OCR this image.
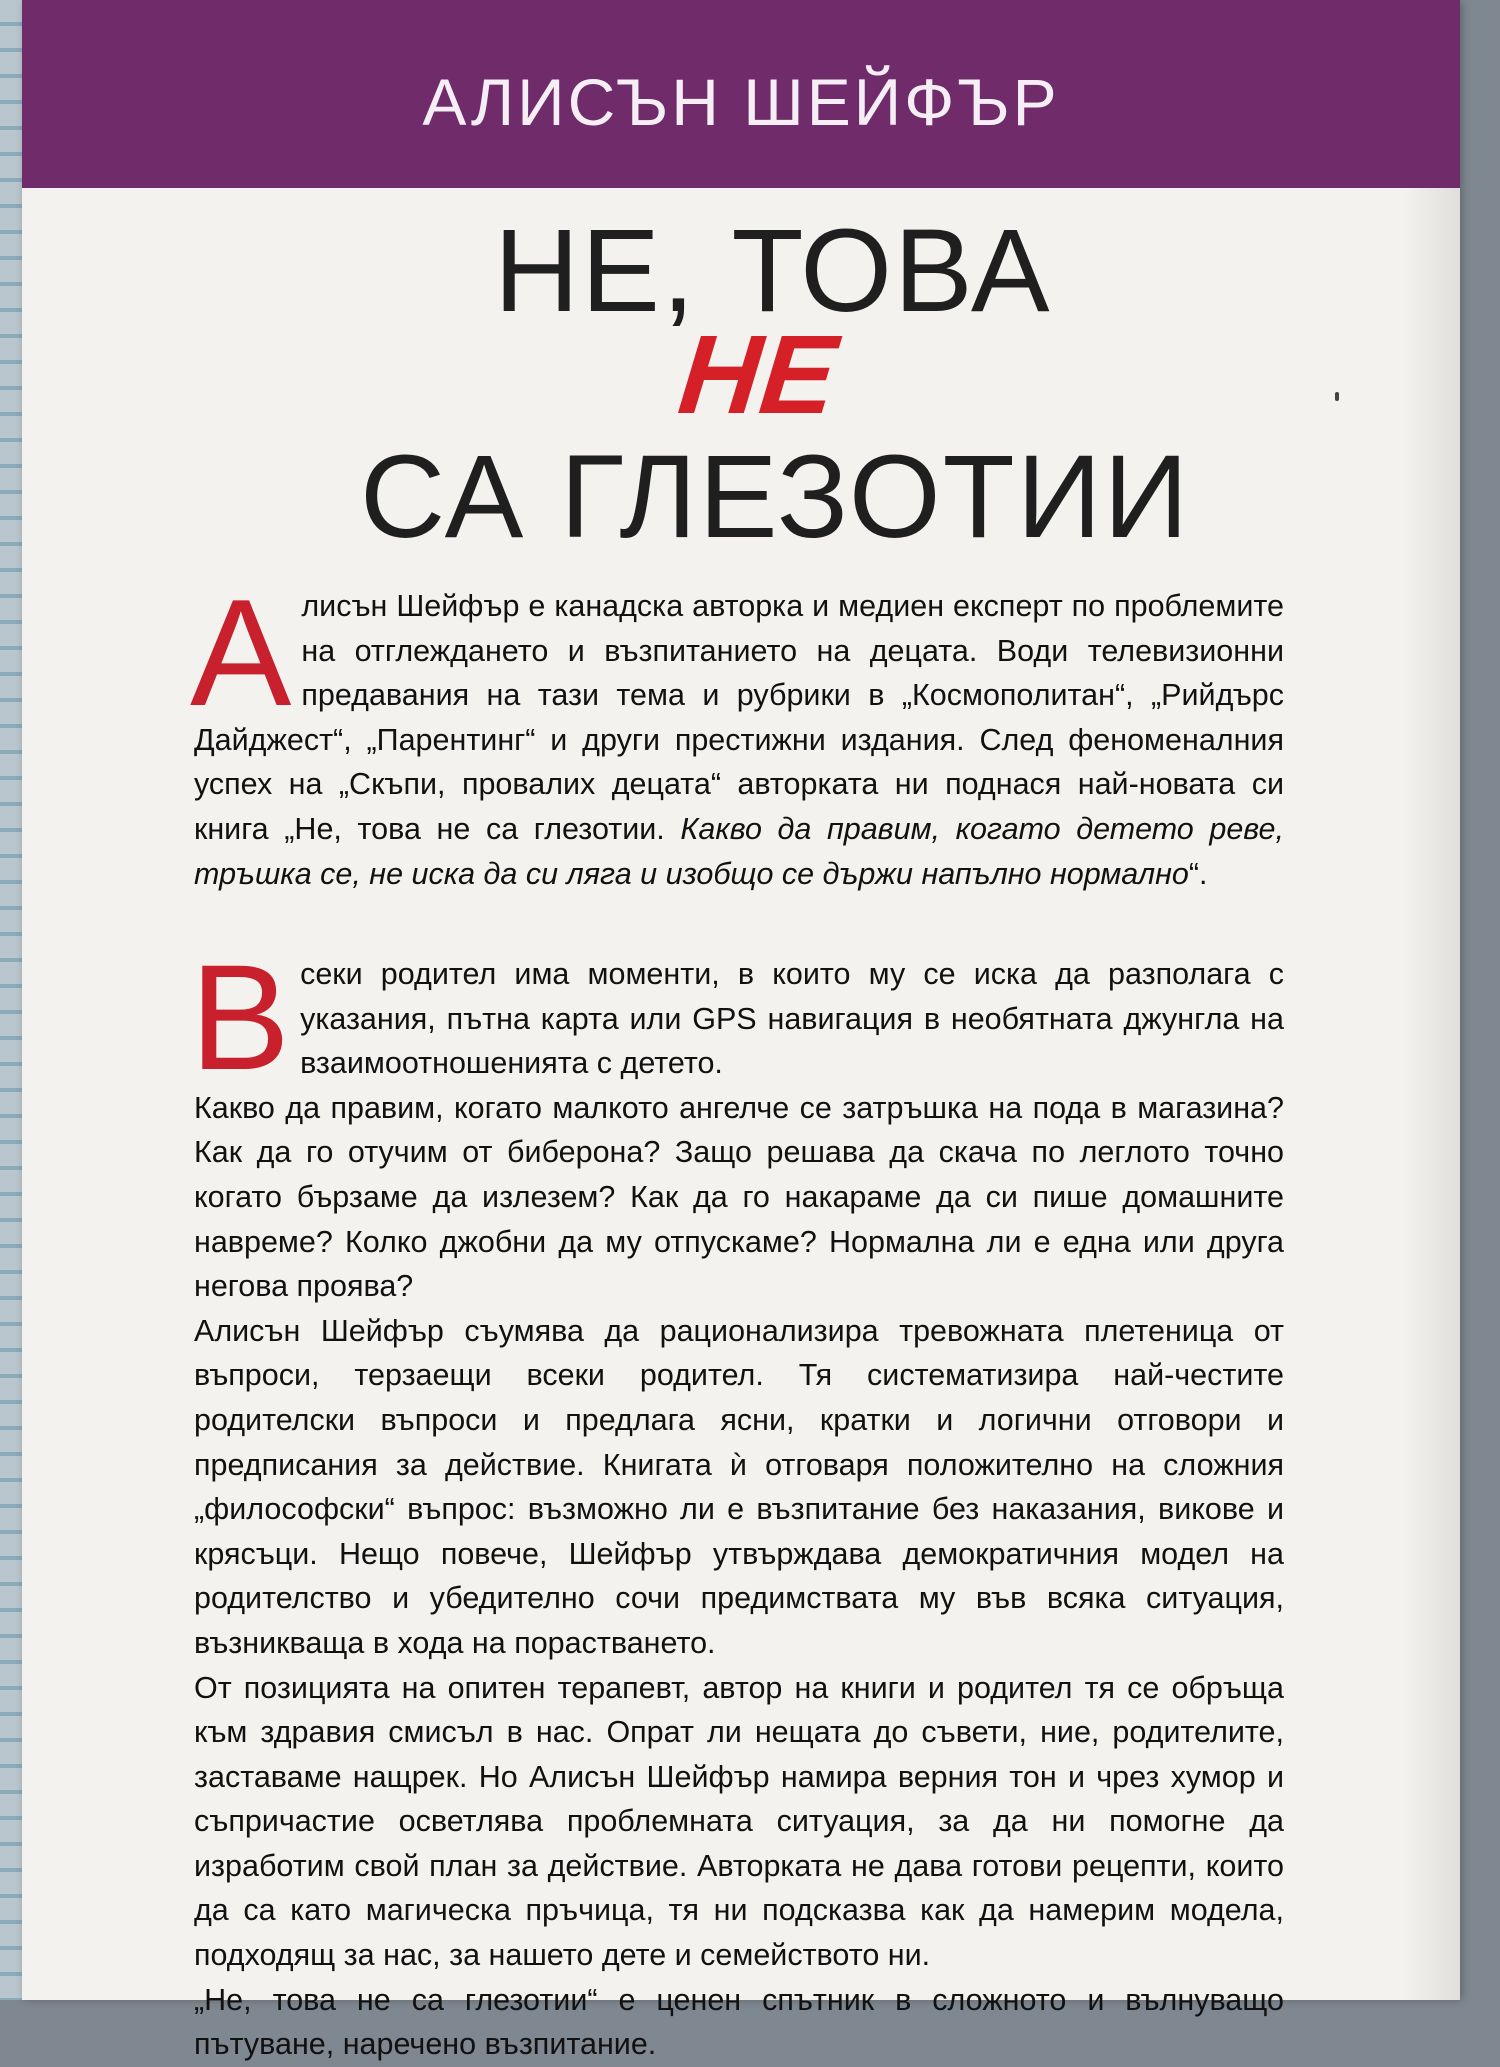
АЛИСЪН ШЕЙФЪР
НЕ, ТОВА
НЕ
СА ГЛЕЗОТИИ
А лисън Шейфър е канадска авторка и медиен експерт по проблемите на отглеждането и възпитанието на децата. Води телевизионни предавания на тази тема и рубрики в „Космополитан“, „Рийдърс Дайджест“, „Парентинг“ и други престижни издания. След феноменалния успех на „Скъпи, провалих децата“ авторката ни поднася най-новата си книга „Не, това не са глезотии. Какво да правим, когато детето реве, тръшка се, не иска да си ляга и изобщо се държи напълно нормално“.

В секи родител има моменти, в които му се иска да разполага с указания, пътна карта или GPS навигация в необятната джунгла на взаимоотношенията с детето.

Какво да правим, когато малкото ангелче се затръшка на пода в магазина? Как да го отучим от биберона? Защо решава да скача по леглото точно когато бързаме да излезем? Как да го накараме да си пише домашните навреме? Колко джобни да му отпускаме? Нормална ли е една или друга негова проява?

Алисън Шейфър съумява да рационализира тревожната плетеница от въпроси, терзаещи всеки родител. Тя систематизира най-честите родителски въпроси и предлага ясни, кратки и логични отговори и предписания за действие. Книгата ѝ отговаря положително на сложния „философски“ въпрос: възможно ли е възпитание без наказания, викове и крясъци. Нещо повече, Шейфър утвърждава демократичния модел на родителство и убедително сочи предимствата му във всяка ситуация, възникваща в хода на порастването.

От позицията на опитен терапевт, автор на книги и родител тя се обръща към здравия смисъл в нас. Опрат ли нещата до съвети, ние, родителите, заставаме нащрек. Но Алисън Шейфър намира верния тон и чрез хумор и съпричастие осветлява проблемната ситуация, за да ни помогне да изработим свой план за действие. Авторката не дава готови рецепти, които да са като магическа пръчица, тя ни подсказва как да намерим модела, подходящ за нас, за нашето дете и семейството ни.

„Не, това не са глезотии“ е ценен спътник в сложното и вълнуващо пътуване, наречено възпитание.
